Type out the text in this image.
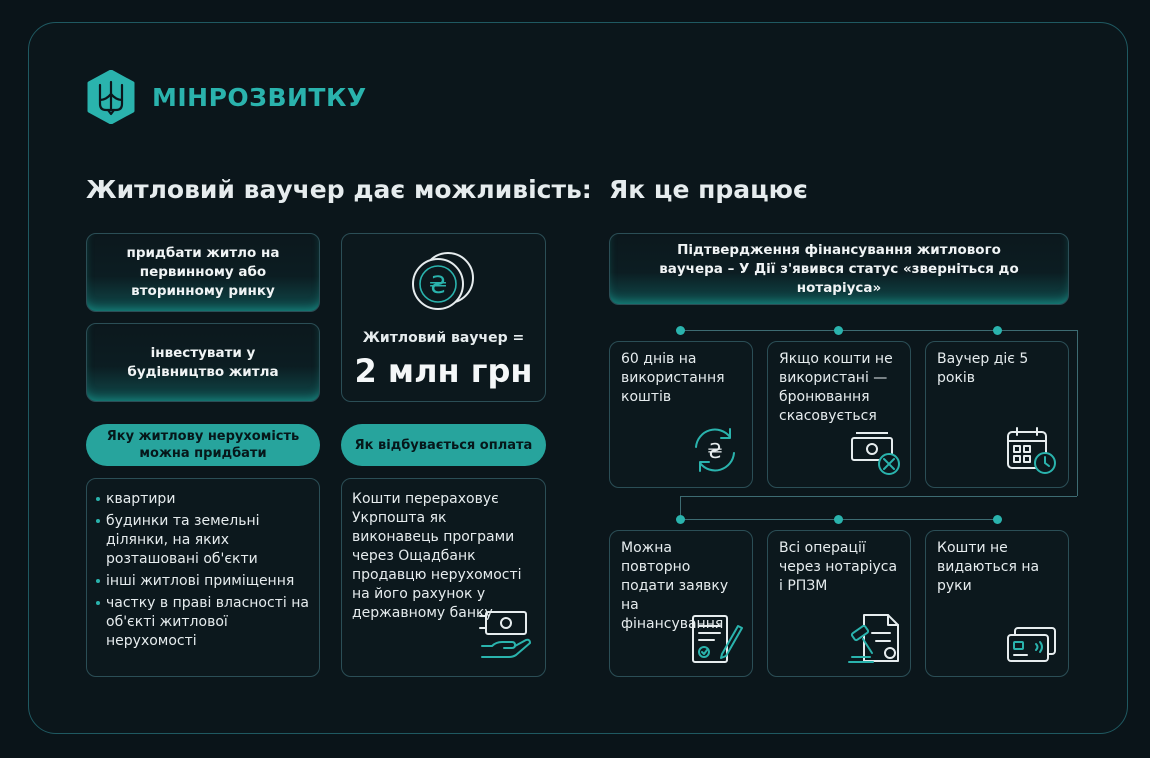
МІНРОЗВИТКУ
Житловий ваучер дає можливість: Як це працює
придбати житло на первинному або вторинному ринку
інвестувати у будівництво житла
₴
Житловий ваучер =
2 млн грн
Яку житлову нерухомість можна придбати
Як відбувається оплата
квартири
будинки та земельні ділянки, на яких розташовані об'єкти
інші житлові приміщення
частку в праві власності на об'єкті житлової нерухомості
Кошти перераховує Укрпошта як виконавець програми через Ощадбанк продавцю нерухомості на його рахунок у державному банку
Підтвердження фінансування житлового ваучера – У Дії з'явився статус «зверніться до нотаріуса»
60 днів на використання коштів
₴
Якщо кошти не використані — бронювання скасовується
Ваучер діє 5 років
Можна повторно подати заявку на фінансування
Всі операції через нотаріуса і РПЗМ
Кошти не видаються на руки
